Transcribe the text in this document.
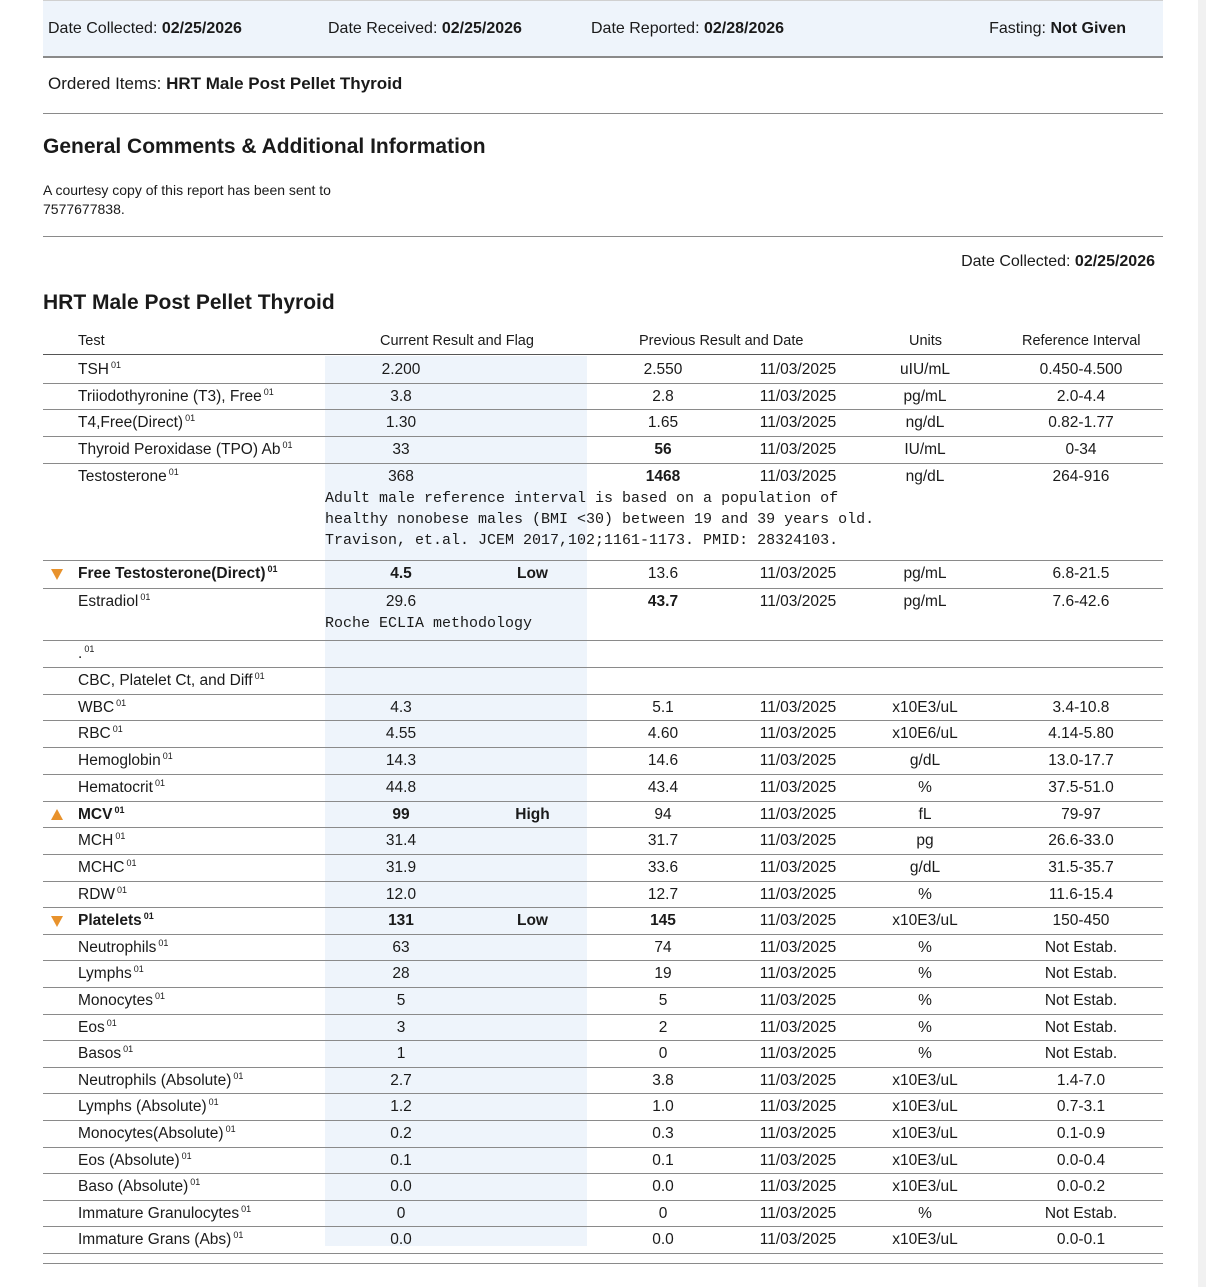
Date Collected: 02/25/2026	Date Received: 02/25/2026	Date Reported: 02/28/2026	Fasting: Not Given
Ordered Items: HRT Male Post Pellet Thyroid
General Comments & Additional Information
A courtesy copy of this report has been sent to
7577677838.
Date Collected: 02/25/2026
HRT Male Post Pellet Thyroid
Test	Current Result and Flag	Previous Result and Date	Units	Reference Interval
TSH $^{01}$	2.200	2.550	11/03/2025	uIU/mL	0.450-4.500
Triiodothyronine (T3), Free $^{01}$	3.8	2.8	11/03/2025	pg/mL	2.0-4.4
T4,Free(Direct) $^{01}$	1.30	1.65	11/03/2025	ng/dL	0.82-1.77
Thyroid Peroxidase (TPO) Ab $^{01}$	33	56	11/03/2025	IU/mL	0-34
Testosterone $^{01}$	368	1468	11/03/2025	ng/dL	264-916
Adult male reference interval is based on a population of
healthy nonobese males (BMI <30) between 19 and 39 years old.
Travison, et.al. JCEM 2017,102;1161-1173. PMID: 28324103.
Free Testosterone(Direct) $^{01}$	4.5	Low	13.6	11/03/2025	pg/mL	6.8-21.5
Estradiol $^{01}$	29.6	43.7	11/03/2025	pg/mL	7.6-42.6
Roche ECLIA methodology
. $^{01}$
CBC, Platelet Ct, and Diff $^{01}$
WBC $^{01}$	4.3	5.1	11/03/2025	x10E3/uL	3.4-10.8
RBC $^{01}$	4.55	4.60	11/03/2025	x10E6/uL	4.14-5.80
Hemoglobin $^{01}$	14.3	14.6	11/03/2025	g/dL	13.0-17.7
Hematocrit $^{01}$	44.8	43.4	11/03/2025	%	37.5-51.0
MCV $^{01}$	99	High	94	11/03/2025	fL	79-97
MCH $^{01}$	31.4	31.7	11/03/2025	pg	26.6-33.0
MCHC $^{01}$	31.9	33.6	11/03/2025	g/dL	31.5-35.7
RDW $^{01}$	12.0	12.7	11/03/2025	%	11.6-15.4
Platelets $^{01}$	131	Low	145	11/03/2025	x10E3/uL	150-450
Neutrophils $^{01}$	63	74	11/03/2025	%	Not Estab.
Lymphs $^{01}$	28	19	11/03/2025	%	Not Estab.
Monocytes $^{01}$	5	5	11/03/2025	%	Not Estab.
Eos $^{01}$	3	2	11/03/2025	%	Not Estab.
Basos $^{01}$	1	0	11/03/2025	%	Not Estab.
Neutrophils (Absolute) $^{01}$	2.7	3.8	11/03/2025	x10E3/uL	1.4-7.0
Lymphs (Absolute) $^{01}$	1.2	1.0	11/03/2025	x10E3/uL	0.7-3.1
Monocytes(Absolute) $^{01}$	0.2	0.3	11/03/2025	x10E3/uL	0.1-0.9
Eos (Absolute) $^{01}$	0.1	0.1	11/03/2025	x10E3/uL	0.0-0.4
Baso (Absolute) $^{01}$	0.0	0.0	11/03/2025	x10E3/uL	0.0-0.2
Immature Granulocytes $^{01}$	0	0	11/03/2025	%	Not Estab.
Immature Grans (Abs) $^{01}$	0.0	0.0	11/03/2025	x10E3/uL	0.0-0.1
